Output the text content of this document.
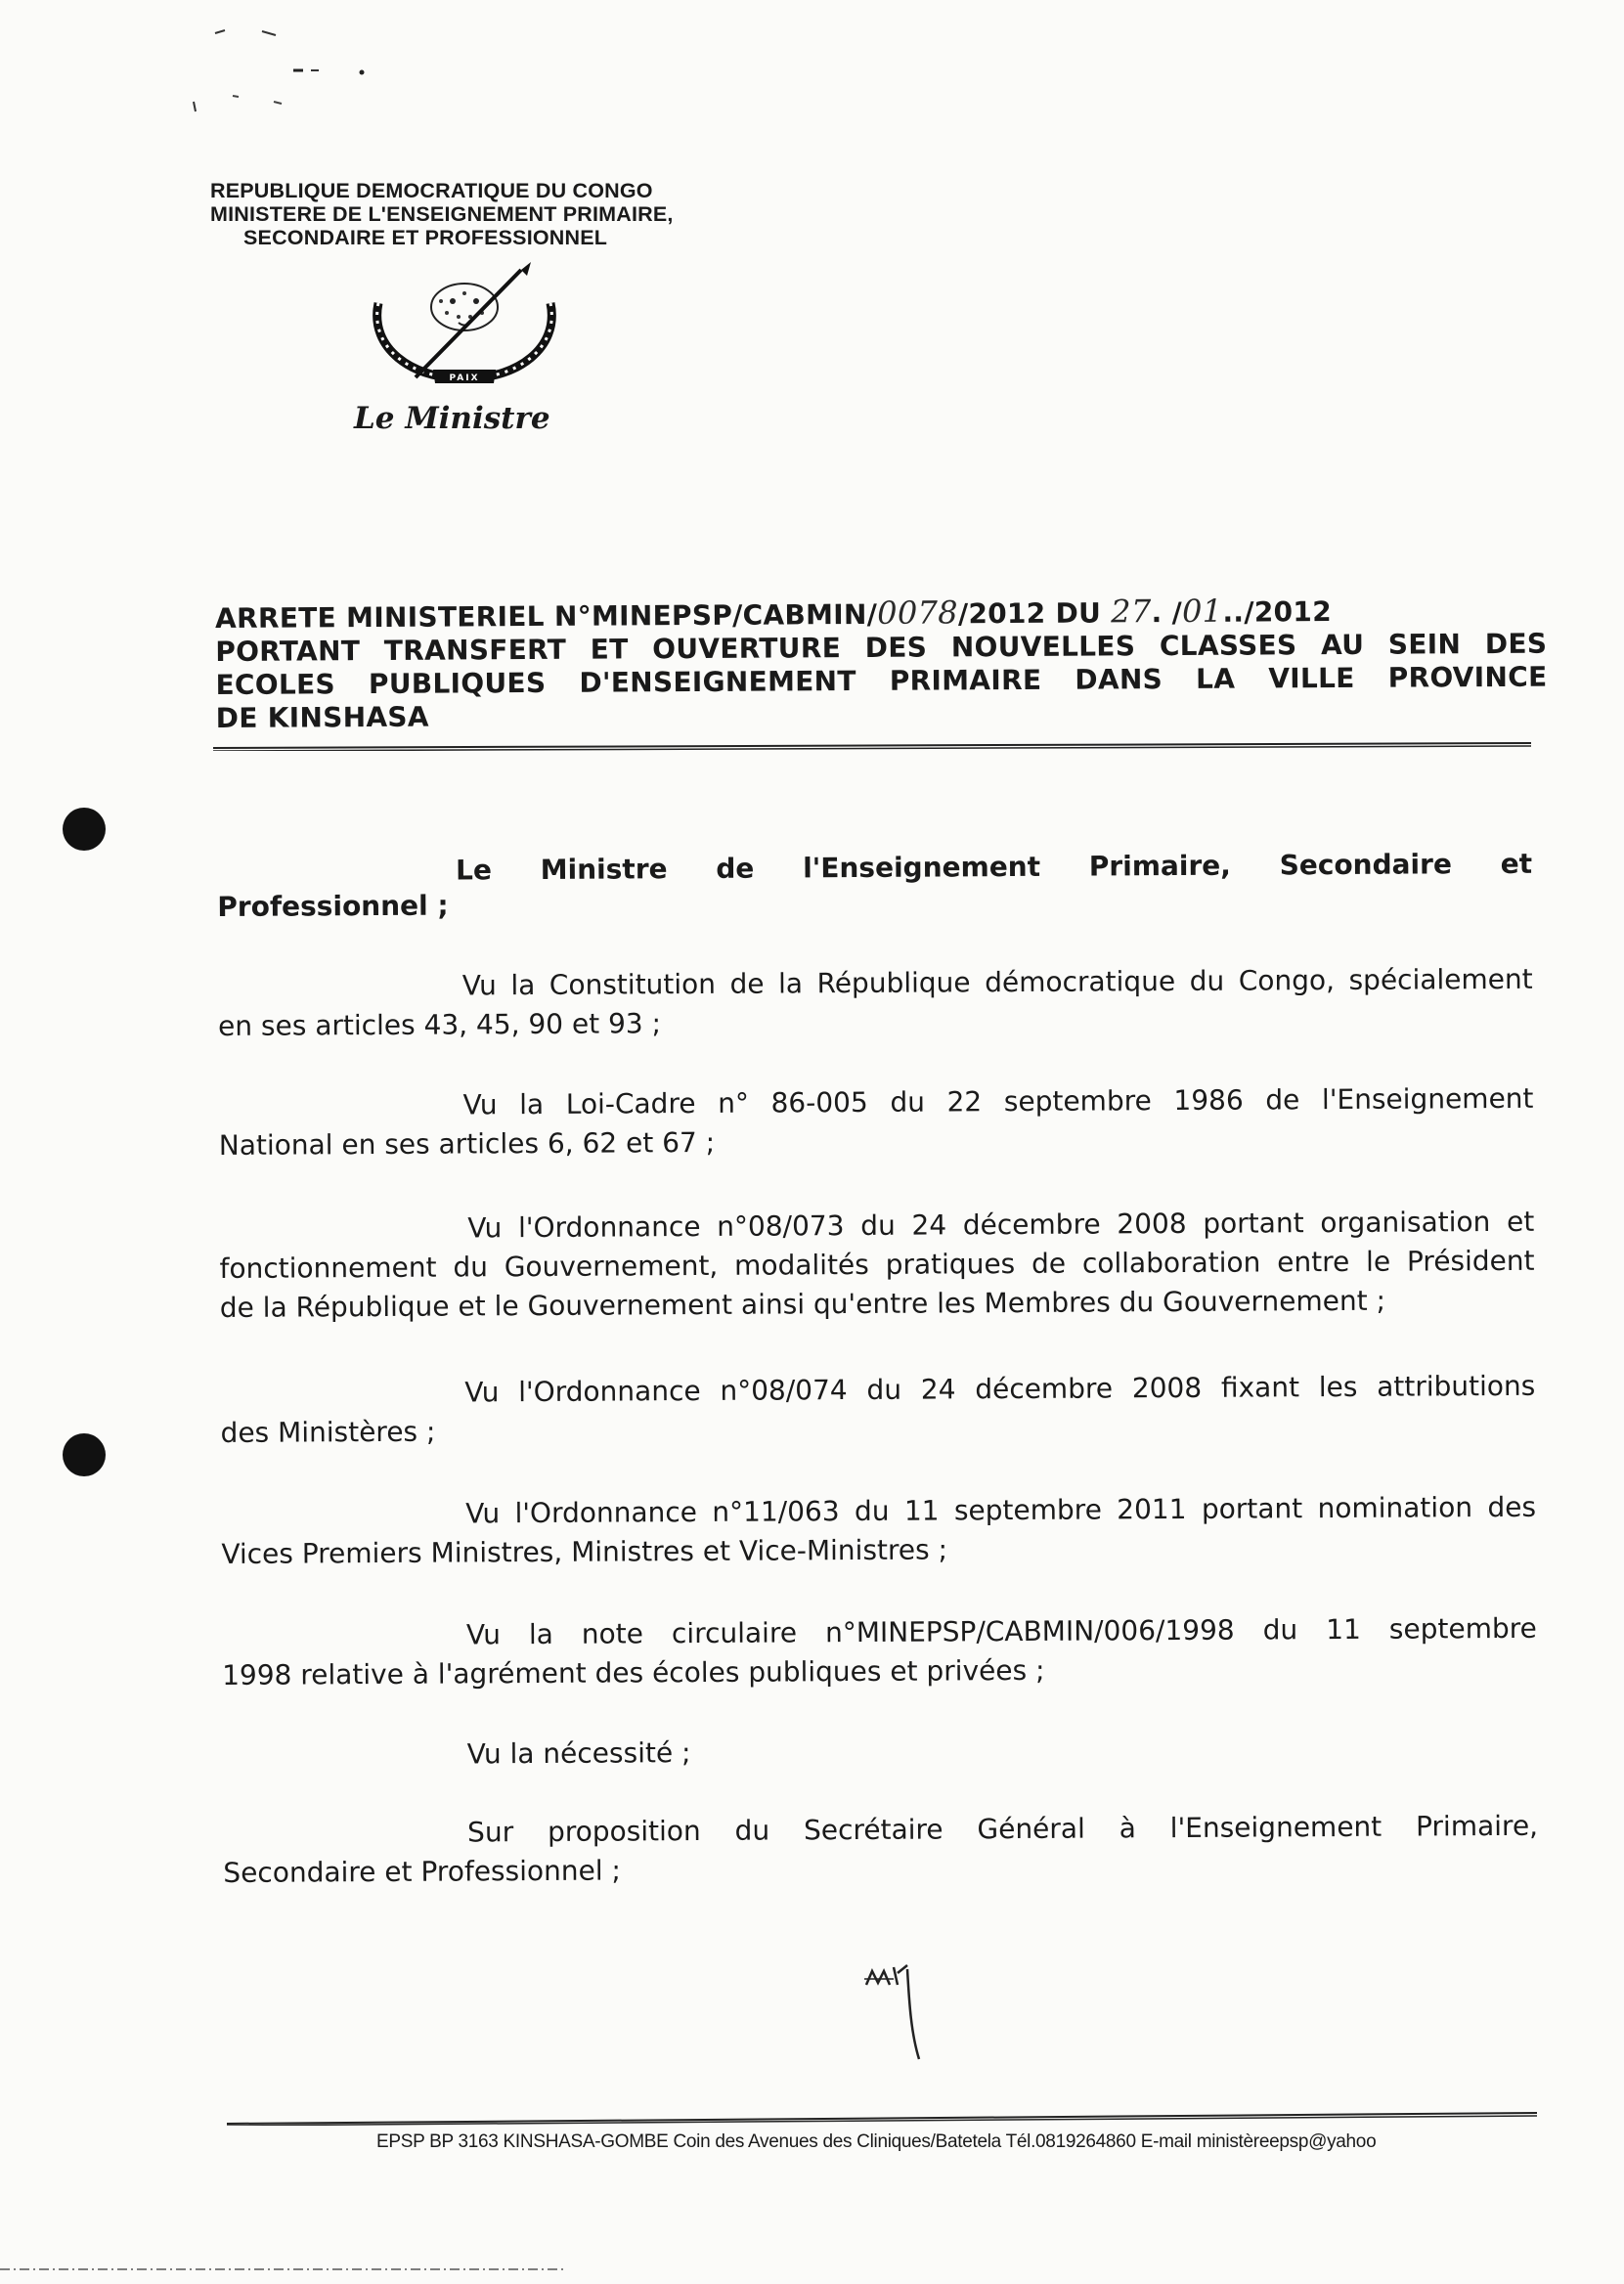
REPUBLIQUE DEMOCRATIQUE DU CONGO
MINISTERE DE L'ENSEIGNEMENT PRIMAIRE,
SECONDAIRE ET PROFESSIONNEL
PAIX
Le Ministre
ARRETE MINISTERIEL N°MINEPSP/CABMIN/0078/2012 DU 27. /01../2012
PORTANT TRANSFERT ET OUVERTURE DES NOUVELLES CLASSES AU SEIN DES
ECOLES PUBLIQUES D'ENSEIGNEMENT PRIMAIRE DANS LA VILLE PROVINCE
DE KINSHASA
Le Ministre de l'Enseignement Primaire, Secondaire et
Professionnel ;
Vu la Constitution de la République démocratique du Congo, spécialement
en ses articles 43, 45, 90 et 93 ;
Vu la Loi-Cadre n° 86-005 du 22 septembre 1986 de l'Enseignement
National en ses articles 6, 62 et 67 ;
Vu l'Ordonnance n°08/073 du 24 décembre 2008 portant organisation et
fonctionnement du Gouvernement, modalités pratiques de collaboration entre le Président
de la République et le Gouvernement ainsi qu'entre les Membres du Gouvernement ;
Vu l'Ordonnance n°08/074 du 24 décembre 2008 fixant les attributions
des Ministères ;
Vu l'Ordonnance n°11/063 du 11 septembre 2011 portant nomination des
Vices Premiers Ministres, Ministres et Vice-Ministres ;
Vu la note circulaire n°MINEPSP/CABMIN/006/1998 du 11 septembre
1998 relative à l'agrément des écoles publiques et privées ;
Vu la nécessité ;
Sur proposition du Secrétaire Général à l'Enseignement Primaire,
Secondaire et Professionnel ;
EPSP BP 3163 KINSHASA-GOMBE Coin des Avenues des Cliniques/Batetela Tél.0819264860 E-mail ministèreepsp@yahoo
